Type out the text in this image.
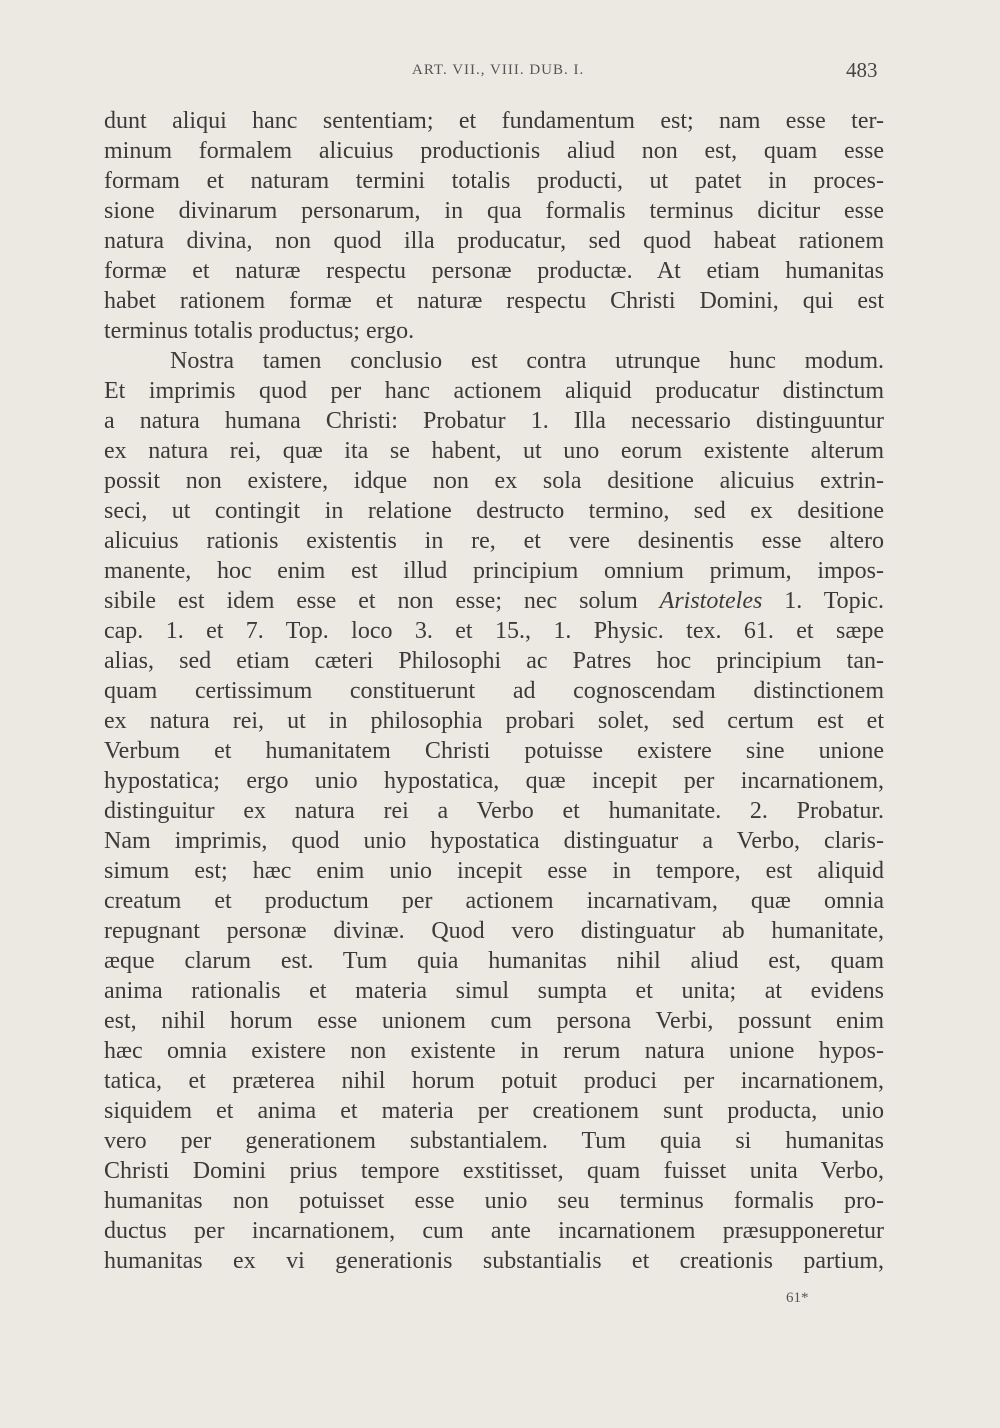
ART. VII., VIII. DUB. I.	483
dunt aliqui hanc sententiam; et fundamentum est; nam esse ter-
minum formalem alicuius productionis aliud non est, quam esse
formam et naturam termini totalis producti, ut patet in proces-
sione divinarum personarum, in qua formalis terminus dicitur esse
natura divina, non quod illa producatur, sed quod habeat rationem
formæ et naturæ respectu personæ productæ. At etiam humanitas
habet rationem formæ et naturæ respectu Christi Domini, qui est
terminus totalis productus; ergo.
Nostra tamen conclusio est contra utrunque hunc modum.
Et imprimis quod per hanc actionem aliquid producatur distinctum
a natura humana Christi: Probatur 1. Illa necessario distinguuntur
ex natura rei, quæ ita se habent, ut uno eorum existente alterum
possit non existere, idque non ex sola desitione alicuius extrin-
seci, ut contingit in relatione destructo termino, sed ex desitione
alicuius rationis existentis in re, et vere desinentis esse altero
manente, hoc enim est illud principium omnium primum, impos-
sibile est idem esse et non esse; nec solum Aristoteles 1. Topic.
cap. 1. et 7. Top. loco 3. et 15., 1. Physic. tex. 61. et sæpe
alias, sed etiam cæteri Philosophi ac Patres hoc principium tan-
quam certissimum constituerunt ad cognoscendam distinctionem
ex natura rei, ut in philosophia probari solet, sed certum est et
Verbum et humanitatem Christi potuisse existere sine unione
hypostatica; ergo unio hypostatica, quæ incepit per incarnationem,
distinguitur ex natura rei a Verbo et humanitate. 2. Probatur.
Nam imprimis, quod unio hypostatica distinguatur a Verbo, claris-
simum est; hæc enim unio incepit esse in tempore, est aliquid
creatum et productum per actionem incarnativam, quæ omnia
repugnant personæ divinæ. Quod vero distinguatur ab humanitate,
æque clarum est. Tum quia humanitas nihil aliud est, quam
anima rationalis et materia simul sumpta et unita; at evidens
est, nihil horum esse unionem cum persona Verbi, possunt enim
hæc omnia existere non existente in rerum natura unione hypos-
tatica, et præterea nihil horum potuit produci per incarnationem,
siquidem et anima et materia per creationem sunt producta, unio
vero per generationem substantialem. Tum quia si humanitas
Christi Domini prius tempore exstitisset, quam fuisset unita Verbo,
humanitas non potuisset esse unio seu terminus formalis pro-
ductus per incarnationem, cum ante incarnationem præsupponeretur
humanitas ex vi generationis substantialis et creationis partium,
61*
